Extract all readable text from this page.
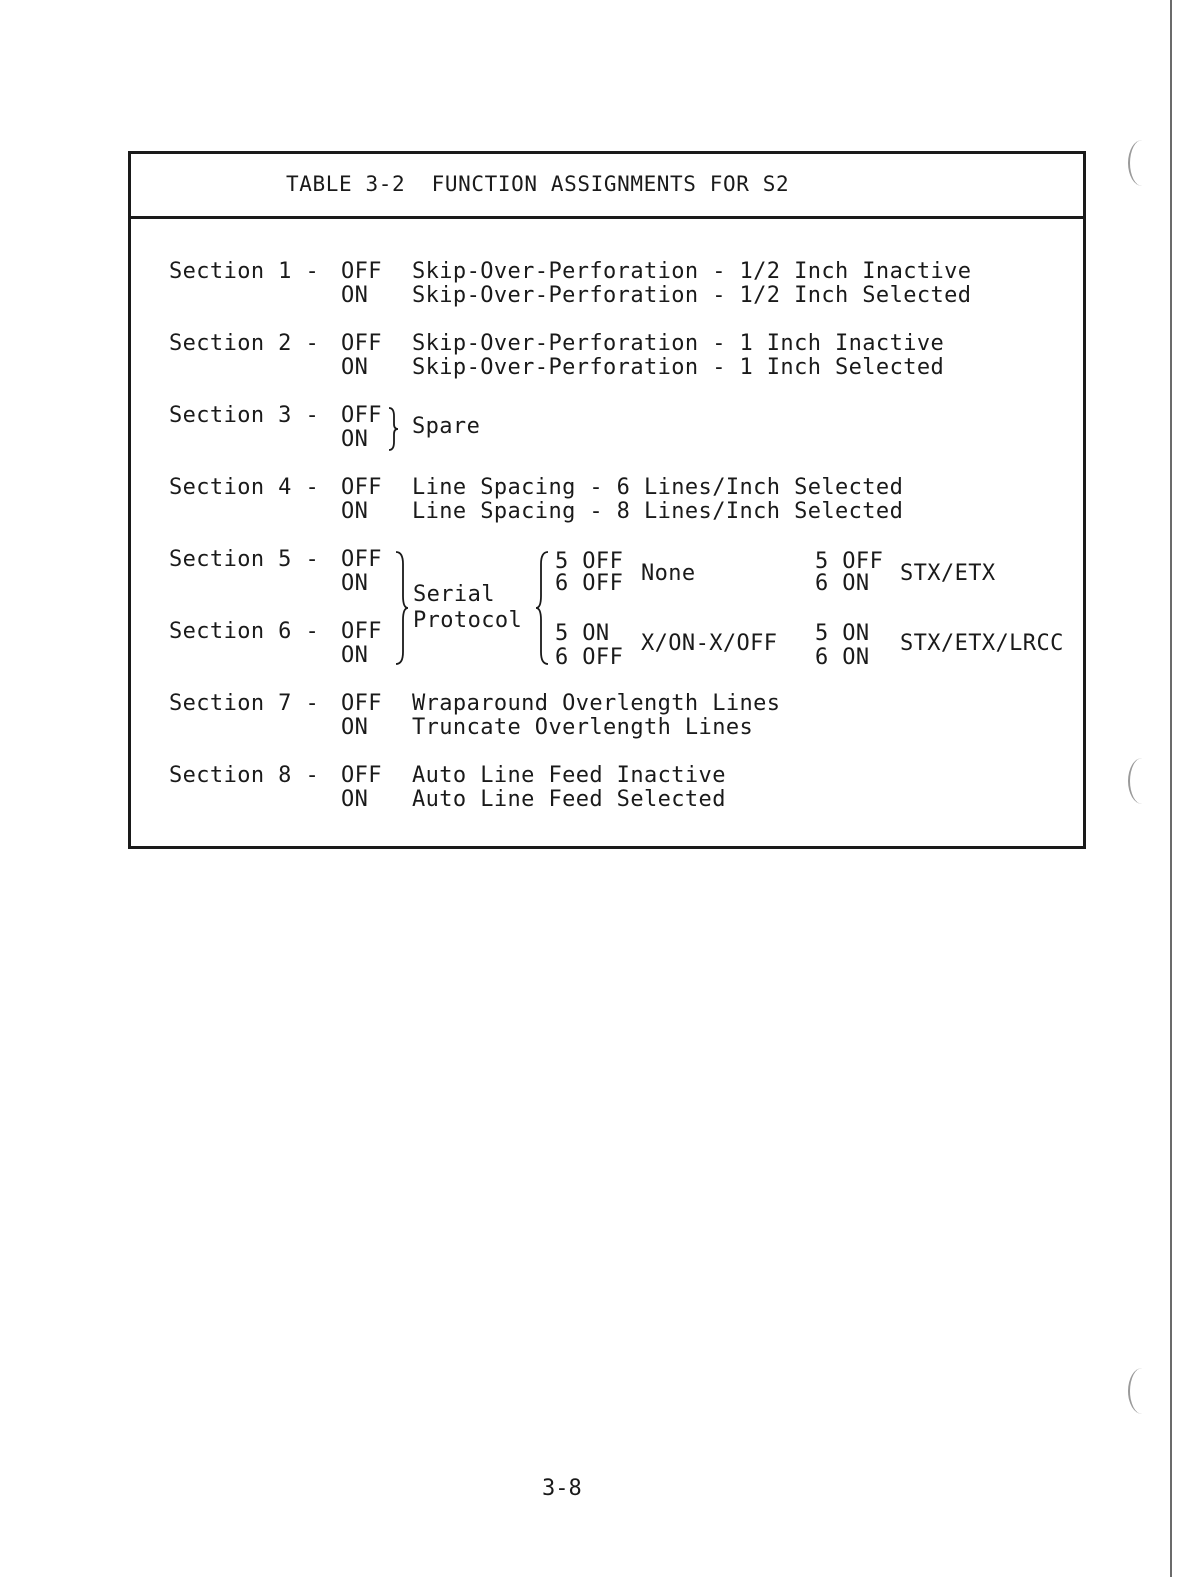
TABLE 3-2  FUNCTION ASSIGNMENTS FOR S2
Section 1 - OFF
ON
Skip-Over-Perforation - 1/2 Inch Inactive
Skip-Over-Perforation - 1/2 Inch Selected
Section 2 - OFF
ON
Skip-Over-Perforation - 1 Inch Inactive
Skip-Over-Perforation - 1 Inch Selected
Section 3 - OFF
ON
Spare
Section 4 - OFF
ON
Line Spacing - 6 Lines/Inch Selected
Line Spacing - 8 Lines/Inch Selected
Section 5 - OFF
ON
Section 6 - OFF
ON
Serial
Protocol
5 OFF
6 OFF None	5 OFF
6 ON STX/ETX
5 ON
6 OFF
X/ON-X/OFF 5 ON
6 ON
STX/ETX/LRCC
Section 7 - OFF
ON
Wraparound Overlength Lines
Truncate Overlength Lines
Section 8 - OFF
ON
Auto Line Feed Inactive
Auto Line Feed Selected
3-8
